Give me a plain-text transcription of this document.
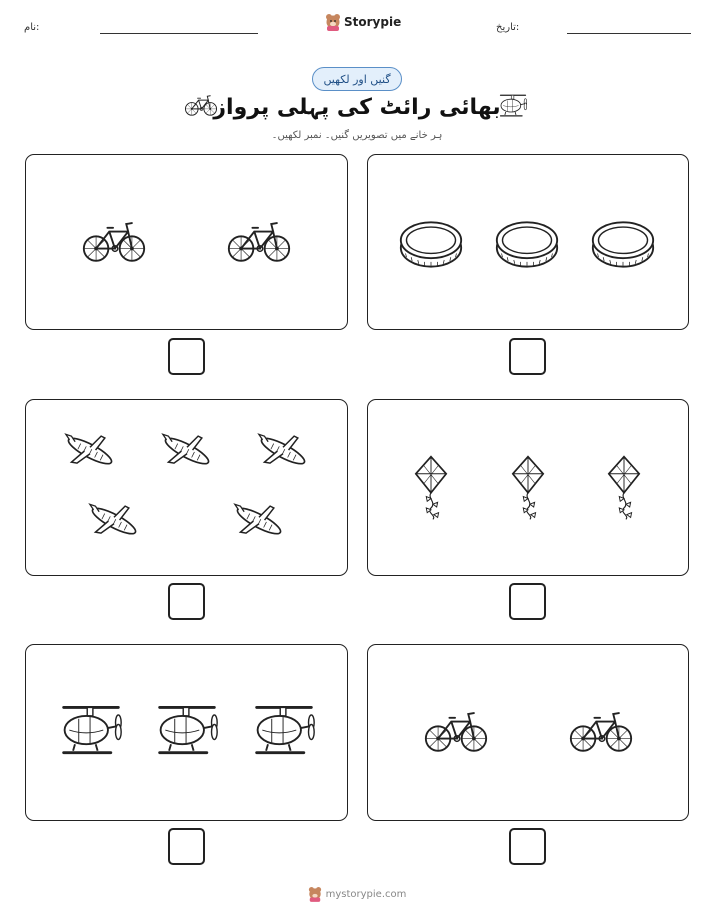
نام:	Storypie	تاریخ:
گنیں اور لکھیں
بھائی رائٹ کی پہلی پرواز
ہر خانے میں تصویریں گنیں۔ نمبر لکھیں۔
mystorypie.com
